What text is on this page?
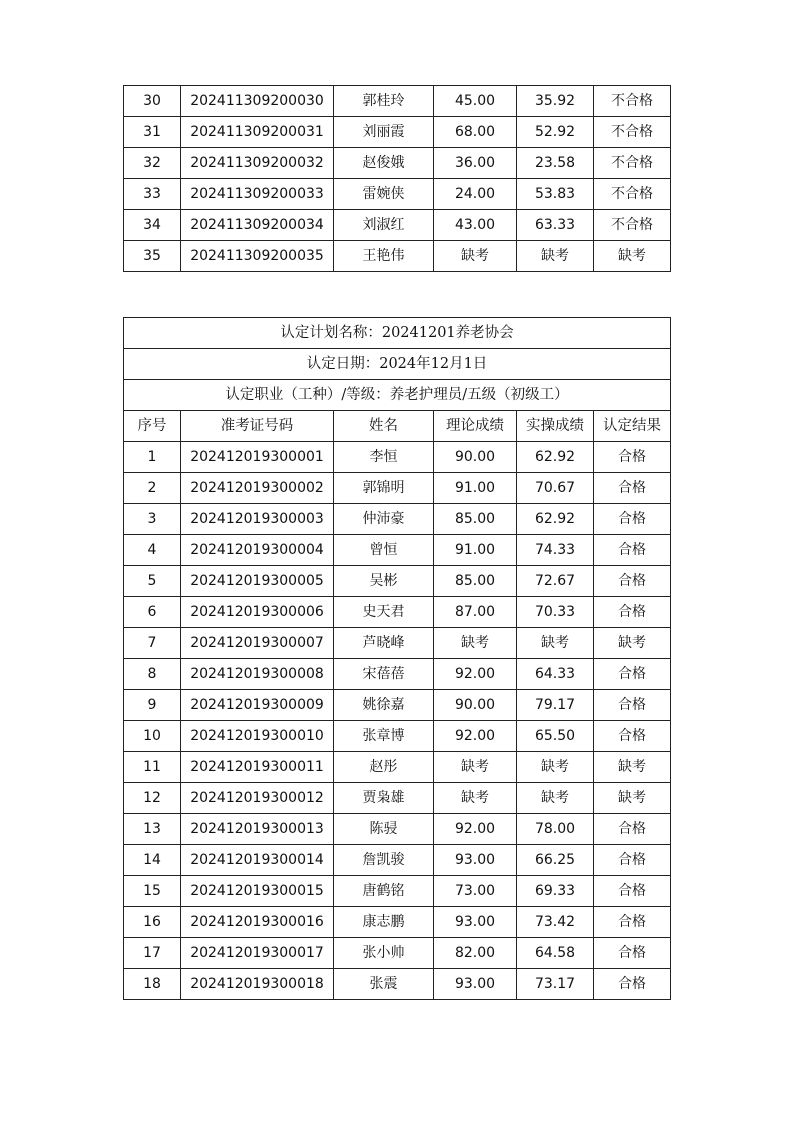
30	202411309200030	郭桂玲	45.00	35.92	不合格
31	202411309200031	刘丽霞	68.00	52.92	不合格
32	202411309200032	赵俊娥	36.00	23.58	不合格
33	202411309200033	雷婉侠	24.00	53.83	不合格
34	202411309200034	刘淑红	43.00	63.33	不合格
35	202411309200035	王艳伟	缺考	缺考	缺考
认定计划名称：20241201养老协会					
认定日期：2024年12月1日					
认定职业（工种）/等级：养老护理员/五级（初级工）					
序号	准考证号码	姓名	理论成绩	实操成绩	认定结果
1	202412019300001	李恒	90.00	62.92	合格
2	202412019300002	郭锦明	91.00	70.67	合格
3	202412019300003	仲沛豪	85.00	62.92	合格
4	202412019300004	曾恒	91.00	74.33	合格
5	202412019300005	吴彬	85.00	72.67	合格
6	202412019300006	史天君	87.00	70.33	合格
7	202412019300007	芦晓峰	缺考	缺考	缺考
8	202412019300008	宋蓓蓓	92.00	64.33	合格
9	202412019300009	姚徐嘉	90.00	79.17	合格
10	202412019300010	张章博	92.00	65.50	合格
11	202412019300011	赵彤	缺考	缺考	缺考
12	202412019300012	贾枭雄	缺考	缺考	缺考
13	202412019300013	陈骎	92.00	78.00	合格
14	202412019300014	詹凯骏	93.00	66.25	合格
15	202412019300015	唐鹤铭	73.00	69.33	合格
16	202412019300016	康志鹏	93.00	73.42	合格
17	202412019300017	张小帅	82.00	64.58	合格
18	202412019300018	张震	93.00	73.17	合格
